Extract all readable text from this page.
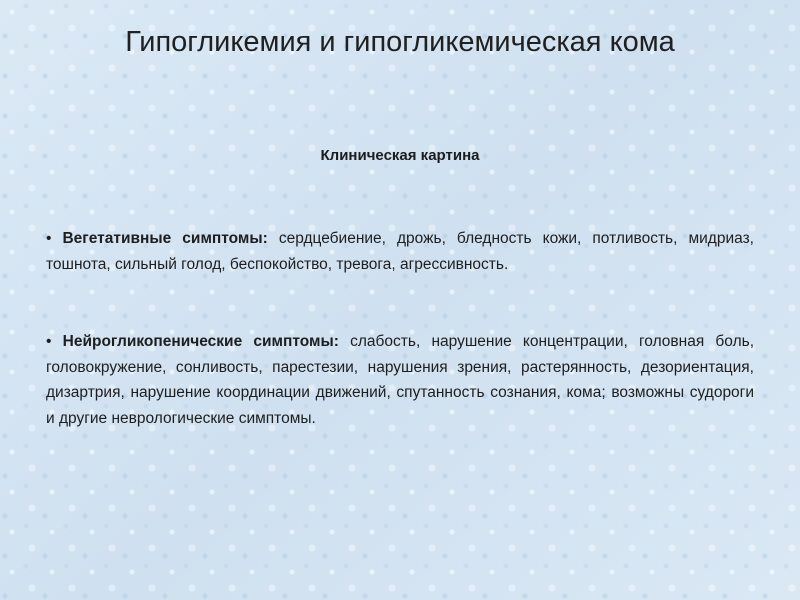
Гипогликемия и гипогликемическая кома
Клиническая картина
• Вегетативные симптомы: сердцебиение, дрожь, бледность кожи, потливость, мидриаз, тошнота, сильный голод, беспокойство, тревога, агрессивность.
• Нейрогликопенические симптомы: слабость, нарушение концентрации, головная боль, головокружение, сонливость, парестезии, нарушения зрения, растерянность, дезориентация, дизартрия, нарушение координации движений, спутанность сознания, кома; возможны судороги и другие неврологические симптомы.
